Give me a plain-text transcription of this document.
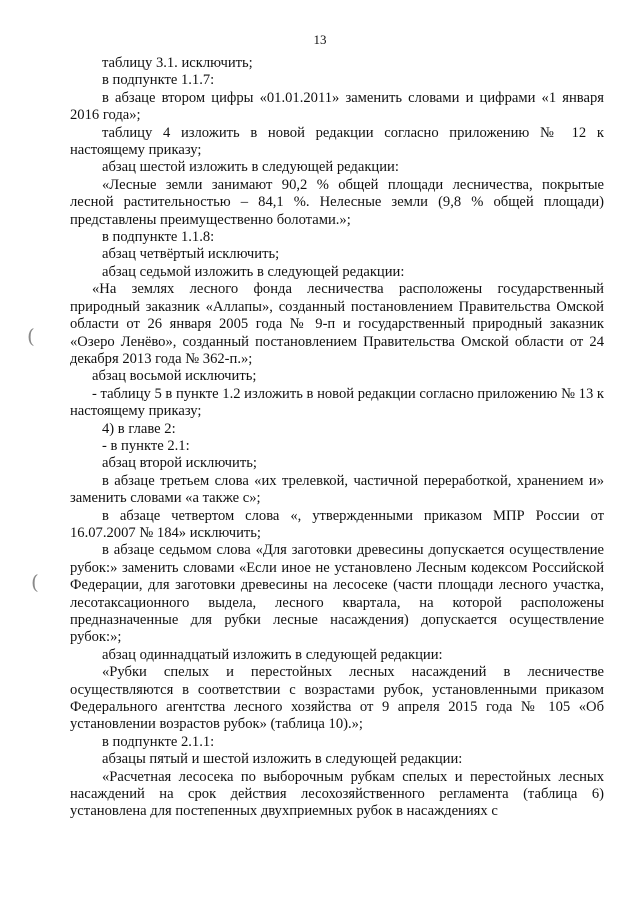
13
(
(

таблицу 3.1. исключить;

в подпункте 1.1.7:

в абзаце втором цифры «01.01.2011» заменить словами и цифрами «1 января 2016 года»;

таблицу 4 изложить в новой редакции согласно приложению № 12 к настоящему приказу;

абзац шестой изложить в следующей редакции:

«Лесные земли занимают 90,2 % общей площади лесничества, покрытые лесной растительностью – 84,1 %. Нелесные земли (9,8 % общей площади) представлены преимущественно болотами.»;

в подпункте 1.1.8:

абзац четвёртый исключить;

абзац седьмой изложить в следующей редакции:

«На землях лесного фонда лесничества расположены государственный природный заказник «Аллапы», созданный постановлением Правительства Омской области от 26 января 2005 года № 9-п и государственный природный заказник «Озеро Ленёво», созданный постановлением Правительства Омской области от 24 декабря 2013 года № 362-п.»;

абзац восьмой исключить;

- таблицу 5 в пункте 1.2 изложить в новой редакции согласно приложению № 13 к настоящему приказу;

4) в главе 2:

- в пункте 2.1:

абзац второй исключить;

в абзаце третьем слова «их трелевкой, частичной переработкой, хранением и» заменить словами «а также с»;

в абзаце четвертом слова «, утвержденными приказом МПР России от 16.07.2007 № 184» исключить;

в абзаце седьмом слова «Для заготовки древесины допускается осуществление рубок:» заменить словами «Если иное не установлено Лесным кодексом Российской Федерации, для заготовки древесины на лесосеке (части площади лесного участка, лесотаксационного выдела, лесного квартала, на которой расположены предназначенные для рубки лесные насаждения) допускается осуществление рубок:»;

абзац одиннадцатый изложить в следующей редакции:

«Рубки спелых и перестойных лесных насаждений в лесничестве осуществляются в соответствии с возрастами рубок, установленными приказом Федерального агентства лесного хозяйства от 9 апреля 2015 года № 105 «Об установлении возрастов рубок» (таблица 10).»;

в подпункте 2.1.1:

абзацы пятый и шестой изложить в следующей редакции:

«Расчетная лесосека по выборочным рубкам спелых и перестойных лесных насаждений на срок действия лесохозяйственного регламента (таблица 6) установлена для постепенных двухприемных рубок в насаждениях с
